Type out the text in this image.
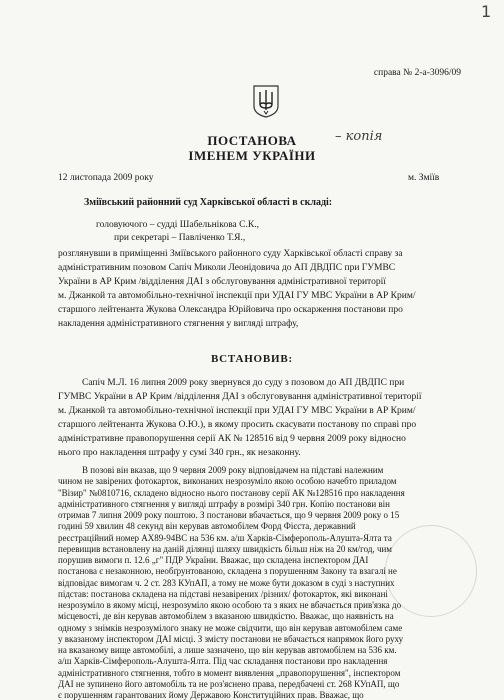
1
справа № 2-а-3096/09
ПОСТАНОВА	– копія
ІМЕНЕМ УКРАЇНИ
12 листопада 2009 року	м. Зміїв
Зміївський районний суд Харківської області в складі:
головуючого – судді Шабельнікова С.К.,
при секретарі – Павліченко Т.Я.,
розглянувши в приміщенні Зміївського районного суду Харківської області справу за
адміністративним позовом Сапіч Миколи Леонідовича до АП ДВДПС при ГУМВС
України в АР Крим /відділення ДАІ з обслуговування адміністративної території
м. Джанкой та автомобільно-технічної інспекції при УДАІ ГУ МВС України в АР Крим/
старшого лейтенанта Жукова Олександра Юрійовича про оскарження постанови про
накладення адміністративного стягнення у вигляді штрафу,
ВСТАНОВИВ:
Сапіч М.Л. 16 липня 2009 року звернувся до суду з позовом до АП ДВДПС при
ГУМВС України в АР Крим /відділення ДАІ з обслуговування адміністративної території
м. Джанкой та автомобільно-технічної інспекції при УДАІ ГУ МВС України в АР Крим/
старшого лейтенанта Жукова О.Ю.), в якому просить скасувати постанову по справі про
адміністративне правопорушення серії АК № 128516 від 9 червня 2009 року відносно
нього про накладення штрафу у сумі 340 грн., як незаконну.
В позові він вказав, що 9 червня 2009 року відповідачем на підставі належним
чином не завірених фотокарток, виконаних незрозуміло якою особою начебто приладом
"Візир" №0810716, складено відносно нього постанову серії АК №128516 про накладення
адміністративного стягнення у вигляді штрафу в розмірі 340 грн. Копію постанови він
отримав 7 липня 2009 року поштою. З постанови вбачається, що 9 червня 2009 року о 15
годині 59 хвилин 48 секунд він керував автомобілем Форд Фієста, державний
реєстраційний номер АХ89-94ВС на 536 км. а/ш Харків-Сімферополь-Алушта-Ялта та
перевищив встановлену на даній ділянці шляху швидкість більш ніж на 20 км/год, чим
порушив вимоги п. 12.6 „г" ПДР України. Вважає, що складена інспектором ДАІ
постанова є незаконною, необґрунтованою, складена з порушенням Закону та взагалі не
відповідає вимогам ч. 2 ст. 283 КУпАП, а тому не може бути доказом в суді з наступних
підстав: постанова складена на підставі незавірених /різних/ фотокарток, які виконані
незрозуміло в якому місці, незрозуміло якою особою та з яких не вбачається прив'язка до
місцевості, де він керував автомобілем з вказаною швидкістю. Вважає, що наявність на
одному з знімків незрозумілого знаку не може свідчити, що він керував автомобілем саме
у вказаному інспектором ДАІ місці. З змісту постанови не вбачається напрямок його руху
на вказаному вище автомобілі, а лише зазначено, що він керував автомобілем на 536 км.
а/ш Харків-Сімферополь-Алушта-Ялта. Під час складання постанови про накладення
адміністративного стягнення, тобто в момент виявлення „правопорушення", інспектором
ДАІ не зупинено його автомобіль та не роз'яснено права, передбачені ст. 268 КУпАП, що
є порушенням гарантованих йому Державою Конституційних прав. Вважає, що
